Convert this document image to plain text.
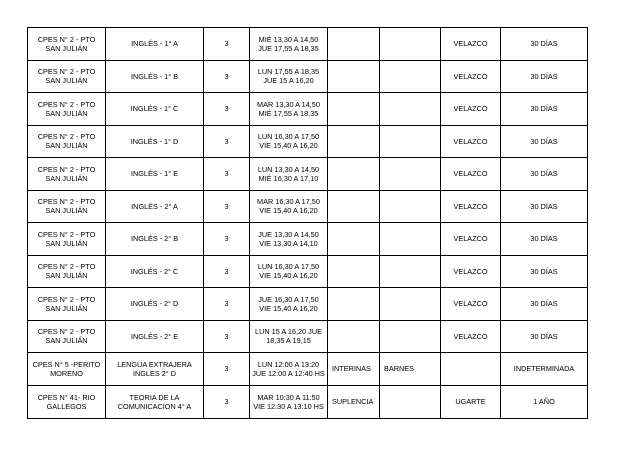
CPES N° 2 - PTO SAN JULIÁN	INGLÉS - 1° A	3	MIÉ 13,30 A 14,50 JUE 17,55 A 18,35			VELAZCO	30 DÍAS
CPES N° 2 - PTO SAN JULIÁN	INGLÉS - 1° B	3	LUN 17,55 A 18,35 JUE 15 A 16,20			VELAZCO	30 DÍAS
CPES N° 2 - PTO SAN JULIÁN	INGLÉS - 1° C	3	MAR 13,30 A 14,50 MIÉ 17,55 A 18,35			VELAZCO	30 DÍAS
CPES N° 2 - PTO SAN JULIÁN	INGLÉS - 1° D	3	LUN 16,30 A 17,50 VIE 15,40 A 16,20			VELAZCO	30 DÍAS
CPES N° 2 - PTO SAN JULIÁN	INGLÉS - 1° E	3	LUN 13,30 A 14,50 MIÉ 16,30 A 17,10			VELAZCO	30 DÍAS
CPES N° 2 - PTO SAN JULIÁN	INGLÉS - 2° A	3	MAR 16,30 A 17,50 VIE 15,40 A 16,20			VELAZCO	30 DÍAS
CPES N° 2 - PTO SAN JULIÁN	INGLÉS - 2° B	3	JUE 13,30 A 14,50 VIE 13,30 A 14,10			VELAZCO	30 DÍAS
CPES N° 2 - PTO SAN JULIÁN	INGLÉS - 2° C	3	LUN 16,30 A 17,50 VIE 15,40 A 16,20			VELAZCO	30 DÍAS
CPES N° 2 - PTO SAN JULIÁN	INGLÉS - 2° D	3	JUE 16,30 A 17,50 VIE 15,40 A 16,20			VELAZCO	30 DÍAS
CPES N° 2 - PTO SAN JULIÁN	INGLÉS - 2° E	3	LUN 15 A 16,20 JUE 18,35 A 19,15			VELAZCO	30 DÍAS
CPES N° 5 -PERITO MORENO	LENGUA EXTRAJERA INGLES 2° D	3	LUN 12:00 A 13:20 JUE 12:00 A 12:40 HS	INTERINAS	BARNES		INDETERMINADA
CPES N° 41- RIO GALLEGOS	TEORIA DE LA COMUNICACION 4° A	3	MAR 10:30 A 11:50 VIE 12:30 A 13:10 HS	SUPLENCIA		UGARTE	1 AÑO
